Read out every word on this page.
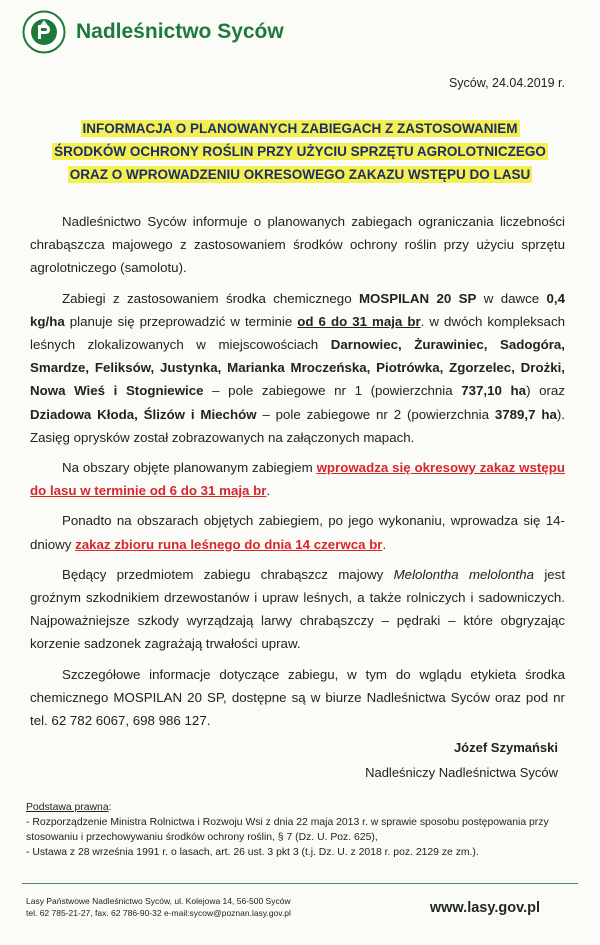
Nadleśnictwo Syców
Syców, 24.04.2019 r.
INFORMACJA O PLANOWANYCH ZABIEGACH Z ZASTOSOWANIEM
ŚRODKÓW OCHRONY ROŚLIN PRZY UŻYCIU SPRZĘTU AGROLOTNICZEGO
ORAZ O WPROWADZENIU OKRESOWEGO ZAKAZU WSTĘPU DO LASU

Nadleśnictwo Syców informuje o planowanych zabiegach ograniczania liczebności chrabąszcza majowego z zastosowaniem środków ochrony roślin przy użyciu sprzętu agrolotniczego (samolotu).

Zabiegi z zastosowaniem środka chemicznego MOSPILAN 20 SP w dawce 0,4 kg/ha planuje się przeprowadzić w terminie od 6 do 31 maja br. w dwóch kompleksach leśnych zlokalizowanych w miejscowościach Darnowiec, Żurawiniec, Sadogóra, Smardze, Feliksów, Justynka, Marianka Mroczeńska, Piotrówka, Zgorzelec, Drożki, Nowa Wieś i Stogniewice – pole zabiegowe nr 1 (powierzchnia 737,10 ha) oraz Dziadowa Kłoda, Ślizów i Miechów – pole zabiegowe nr 2 (powierzchnia 3789,7 ha). Zasięg oprysków został zobrazowanych na załączonych mapach.

Na obszary objęte planowanym zabiegiem wprowadza się okresowy zakaz wstępu do lasu w terminie od 6 do 31 maja br.

Ponadto na obszarach objętych zabiegiem, po jego wykonaniu, wprowadza się 14-dniowy zakaz zbioru runa leśnego do dnia 14 czerwca br.

Będący przedmiotem zabiegu chrabąszcz majowy Melolontha melolontha jest groźnym szkodnikiem drzewostanów i upraw leśnych, a także rolniczych i sadowniczych. Najpoważniejsze szkody wyrządzają larwy chrabąszczy – pędraki – które obgryzając korzenie sadzonek zagrażają trwałości upraw.

Szczegółowe informacje dotyczące zabiegu, w tym do wglądu etykieta środka chemicznego MOSPILAN 20 SP, dostępne są w biurze Nadleśnictwa Syców oraz pod nr tel. 62 782 6067, 698 986 127.

Józef Szymański
Nadleśniczy Nadleśnictwa Syców
Podstawa prawna:
- Rozporządzenie Ministra Rolnictwa i Rozwoju Wsi z dnia 22 maja 2013 r. w sprawie sposobu postępowania przy stosowaniu i przechowywaniu środków ochrony roślin, § 7 (Dz. U. Poz. 625),
- Ustawa z 28 września 1991 r. o lasach, art. 26 ust. 3 pkt 3 (t.j. Dz. U. z 2018 r. poz. 2129 ze zm.).
Lasy Państwowe Nadleśnictwo Syców, ul. Kolejowa 14, 56-500 Syców
tel. 62 785-21-27, fax. 62 786-90-32 e-mail:sycow@poznan.lasy.gov.pl	www.lasy.gov.pl
